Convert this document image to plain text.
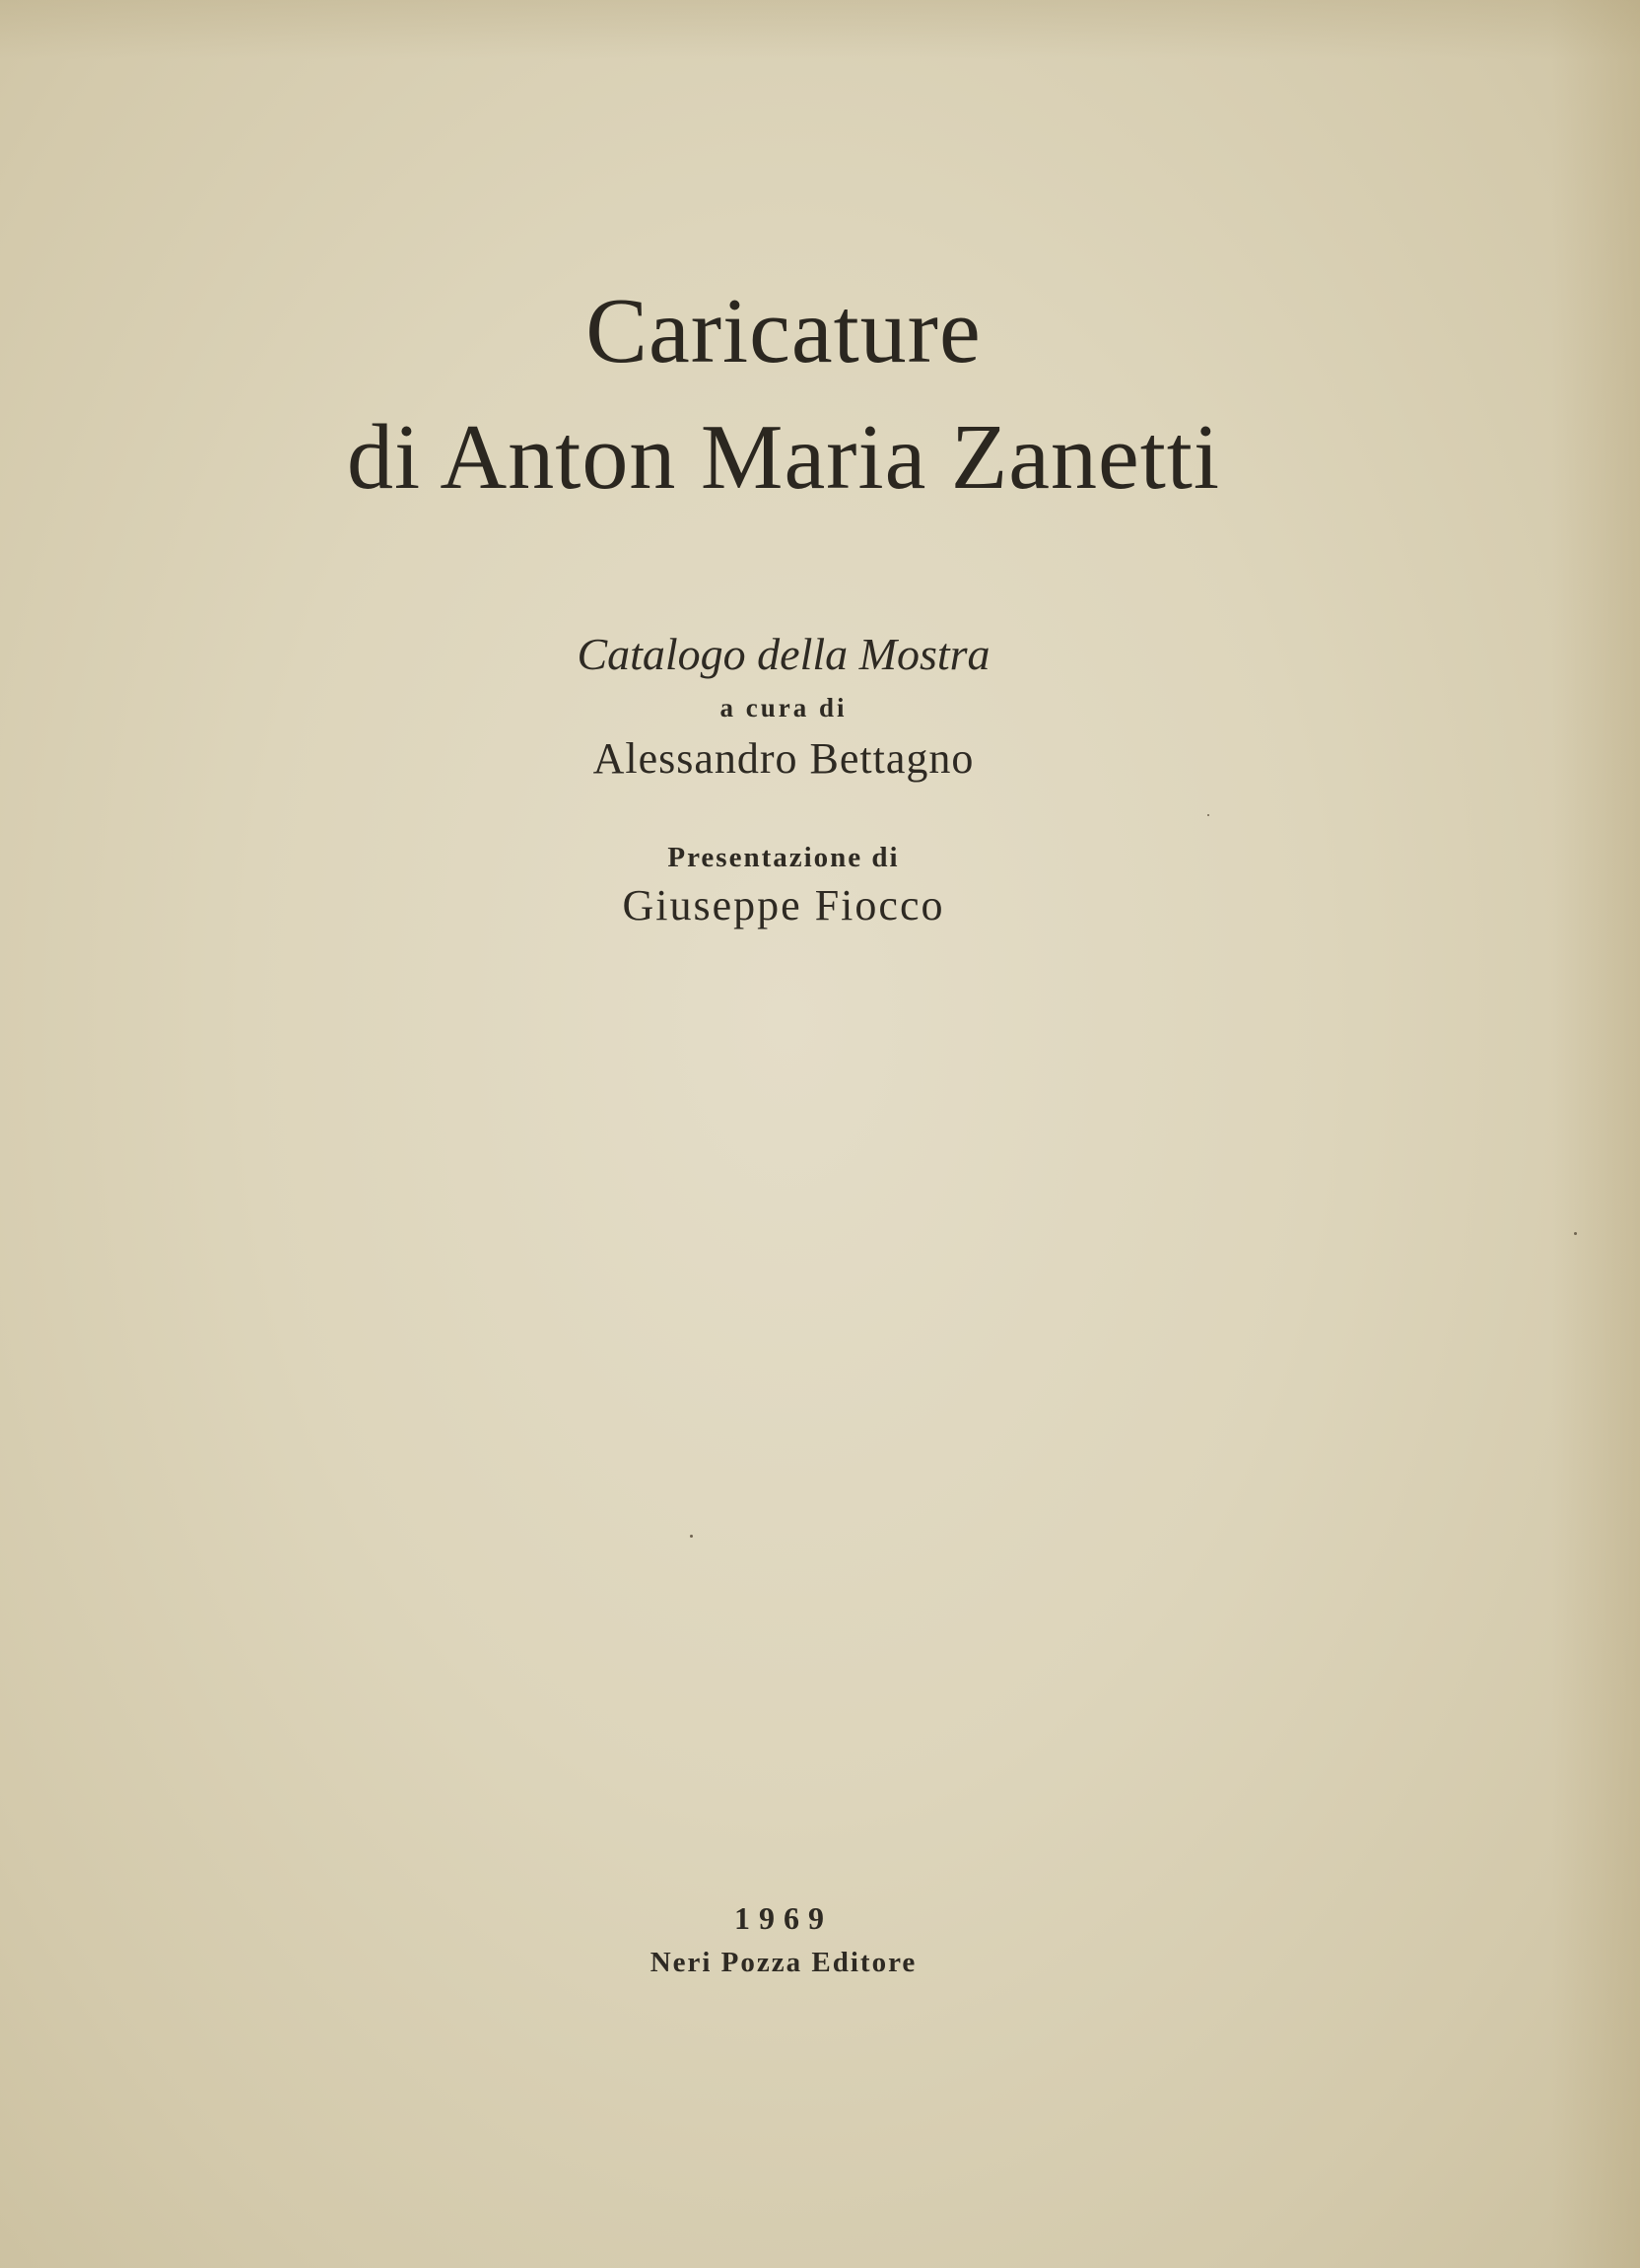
Caricature
di Anton Maria Zanetti
Catalogo della Mostra
a cura di
Alessandro Bettagno
Presentazione di
Giuseppe Fiocco
1969
Neri Pozza Editore
